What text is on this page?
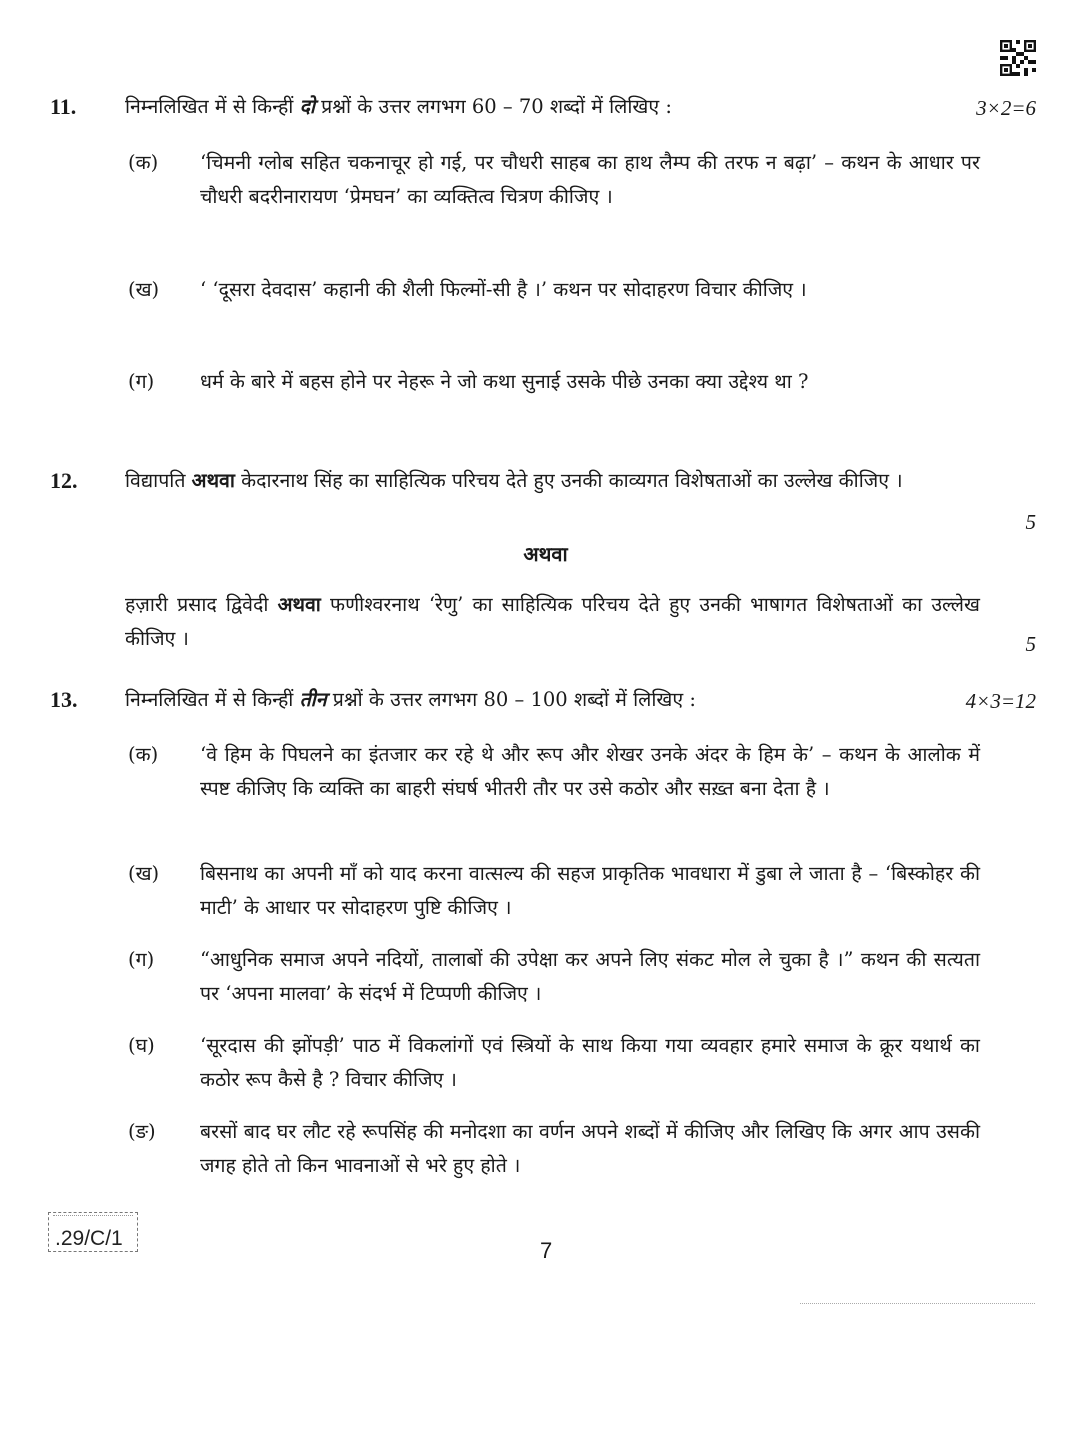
11. निम्नलिखित में से किन्हीं दो प्रश्नों के उत्तर लगभग 60 – 70 शब्दों में लिखिए :	3×2=6
(क) ‘चिमनी ग्लोब सहित चकनाचूर हो गई, पर चौधरी साहब का हाथ लैम्प की तरफ न बढ़ा’ – कथन के आधार पर चौधरी बदरीनारायण ‘प्रेमघन’ का व्यक्तित्व चित्रण कीजिए ।
(ख) ‘ ‘दूसरा देवदास’ कहानी की शैली फिल्मों-सी है ।’ कथन पर सोदाहरण विचार कीजिए ।
(ग) धर्म के बारे में बहस होने पर नेहरू ने जो कथा सुनाई उसके पीछे उनका क्या उद्देश्य था ?
12. विद्यापति अथवा केदारनाथ सिंह का साहित्यिक परिचय देते हुए उनकी काव्यगत विशेषताओं का उल्लेख कीजिए ।
5
अथवा
हज़ारी प्रसाद द्विवेदी अथवा फणीश्वरनाथ ‘रेणु’ का साहित्यिक परिचय देते हुए उनकी भाषागत विशेषताओं का उल्लेख कीजिए ।	5
13. निम्नलिखित में से किन्हीं तीन प्रश्नों के उत्तर लगभग 80 – 100 शब्दों में लिखिए :	4×3=12
(क) ‘वे हिम के पिघलने का इंतजार कर रहे थे और रूप और शेखर उनके अंदर के हिम के’ – कथन के आलोक में स्पष्ट कीजिए कि व्यक्ति का बाहरी संघर्ष भीतरी तौर पर उसे कठोर और सख़्त बना देता है ।
(ख) बिसनाथ का अपनी माँ को याद करना वात्सल्य की सहज प्राकृतिक भावधारा में डुबा ले जाता है – ‘बिस्कोहर की माटी’ के आधार पर सोदाहरण पुष्टि कीजिए ।
(ग) “आधुनिक समाज अपने नदियों, तालाबों की उपेक्षा कर अपने लिए संकट मोल ले चुका है ।” कथन की सत्यता पर ‘अपना मालवा’ के संदर्भ में टिप्पणी कीजिए ।
(घ) ‘सूरदास की झोंपड़ी’ पाठ में विकलांगों एवं स्त्रियों के साथ किया गया व्यवहार हमारे समाज के क्रूर यथार्थ का कठोर रूप कैसे है ? विचार कीजिए ।
(ङ) बरसों बाद घर लौट रहे रूपसिंह की मनोदशा का वर्णन अपने शब्दों में कीजिए और लिखिए कि अगर आप उसकी जगह होते तो किन भावनाओं से भरे हुए होते ।
.29/C/1	7
